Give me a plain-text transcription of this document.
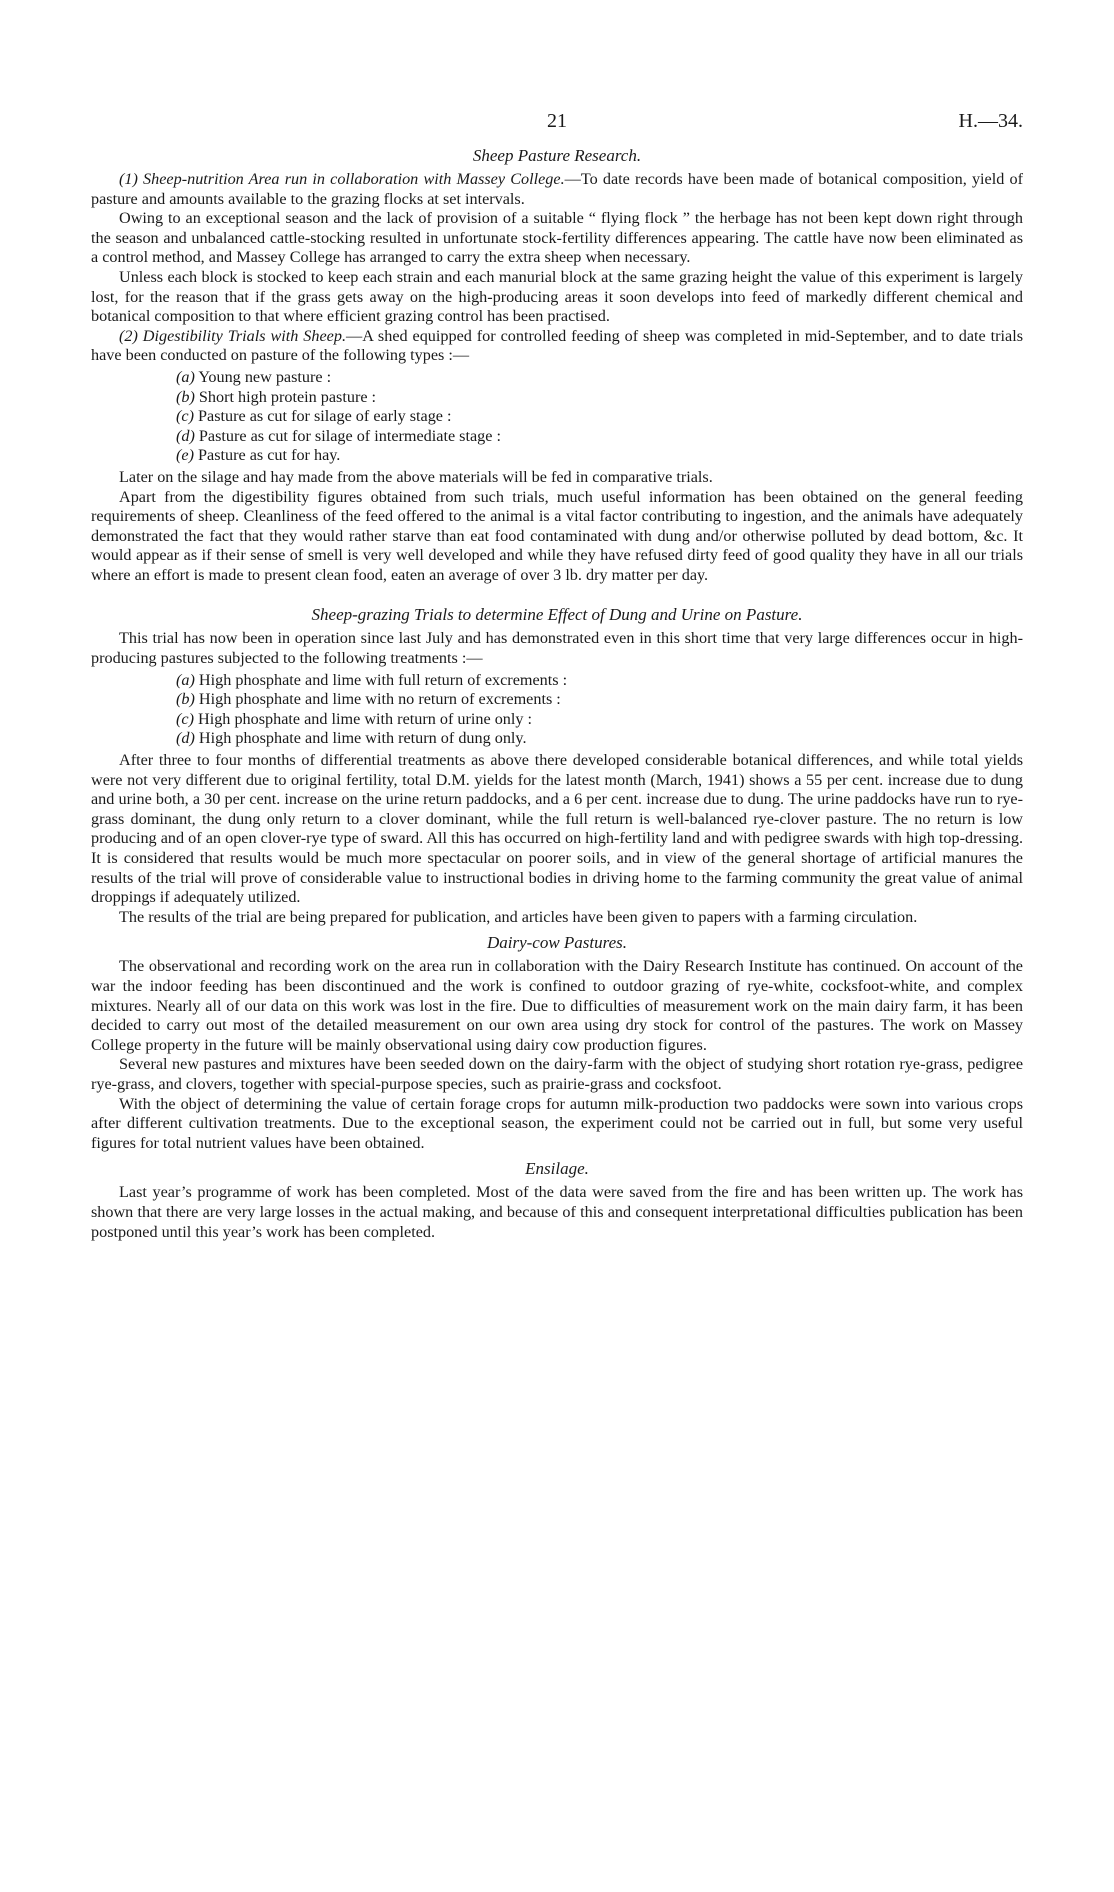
21	H.—34.
Sheep Pasture Research.

(1) Sheep-nutrition Area run in collaboration with Massey College.—To date records have been made of botanical composition, yield of pasture and amounts available to the grazing flocks at set intervals.

Owing to an exceptional season and the lack of provision of a suitable “ flying flock ” the herbage has not been kept down right through the season and unbalanced cattle-stocking resulted in unfortunate stock-fertility differences appearing. The cattle have now been eliminated as a control method, and Massey College has arranged to carry the extra sheep when necessary.

Unless each block is stocked to keep each strain and each manurial block at the same grazing height the value of this experiment is largely lost, for the reason that if the grass gets away on the high-producing areas it soon develops into feed of markedly different chemical and botanical composition to that where efficient grazing control has been practised.

(2) Digestibility Trials with Sheep.—A shed equipped for controlled feeding of sheep was completed in mid-September, and to date trials have been conducted on pasture of the following types :—

(a) Young new pasture :
(b) Short high protein pasture :
(c) Pasture as cut for silage of early stage :
(d) Pasture as cut for silage of intermediate stage :
(e) Pasture as cut for hay.

Later on the silage and hay made from the above materials will be fed in comparative trials.

Apart from the digestibility figures obtained from such trials, much useful information has been obtained on the general feeding requirements of sheep. Cleanliness of the feed offered to the animal is a vital factor contributing to ingestion, and the animals have adequately demonstrated the fact that they would rather starve than eat food contaminated with dung and/or otherwise polluted by dead bottom, &c. It would appear as if their sense of smell is very well developed and while they have refused dirty feed of good quality they have in all our trials where an effort is made to present clean food, eaten an average of over 3 lb. dry matter per day.

Sheep-grazing Trials to determine Effect of Dung and Urine on Pasture.

This trial has now been in operation since last July and has demonstrated even in this short time that very large differences occur in high-producing pastures subjected to the following treatments :—

(a) High phosphate and lime with full return of excrements :
(b) High phosphate and lime with no return of excrements :
(c) High phosphate and lime with return of urine only :
(d) High phosphate and lime with return of dung only.

After three to four months of differential treatments as above there developed considerable botanical differences, and while total yields were not very different due to original fertility, total D.M. yields for the latest month (March, 1941) shows a 55 per cent. increase due to dung and urine both, a 30 per cent. increase on the urine return paddocks, and a 6 per cent. increase due to dung. The urine paddocks have run to rye-grass dominant, the dung only return to a clover dominant, while the full return is well-balanced rye-clover pasture. The no return is low producing and of an open clover-rye type of sward. All this has occurred on high-fertility land and with pedigree swards with high top-dressing. It is considered that results would be much more spectacular on poorer soils, and in view of the general shortage of artificial manures the results of the trial will prove of considerable value to instructional bodies in driving home to the farming community the great value of animal droppings if adequately utilized.

The results of the trial are being prepared for publication, and articles have been given to papers with a farming circulation.

Dairy-cow Pastures.

The observational and recording work on the area run in collaboration with the Dairy Research Institute has continued. On account of the war the indoor feeding has been discontinued and the work is confined to outdoor grazing of rye-white, cocksfoot-white, and complex mixtures. Nearly all of our data on this work was lost in the fire. Due to difficulties of measurement work on the main dairy farm, it has been decided to carry out most of the detailed measurement on our own area using dry stock for control of the pastures. The work on Massey College property in the future will be mainly observational using dairy cow production figures.

Several new pastures and mixtures have been seeded down on the dairy-farm with the object of studying short rotation rye-grass, pedigree rye-grass, and clovers, together with special-purpose species, such as prairie-grass and cocksfoot.

With the object of determining the value of certain forage crops for autumn milk-production two paddocks were sown into various crops after different cultivation treatments. Due to the exceptional season, the experiment could not be carried out in full, but some very useful figures for total nutrient values have been obtained.

Ensilage.

Last year’s programme of work has been completed. Most of the data were saved from the fire and has been written up. The work has shown that there are very large losses in the actual making, and because of this and consequent interpretational difficulties publication has been postponed until this year’s work has been completed.
